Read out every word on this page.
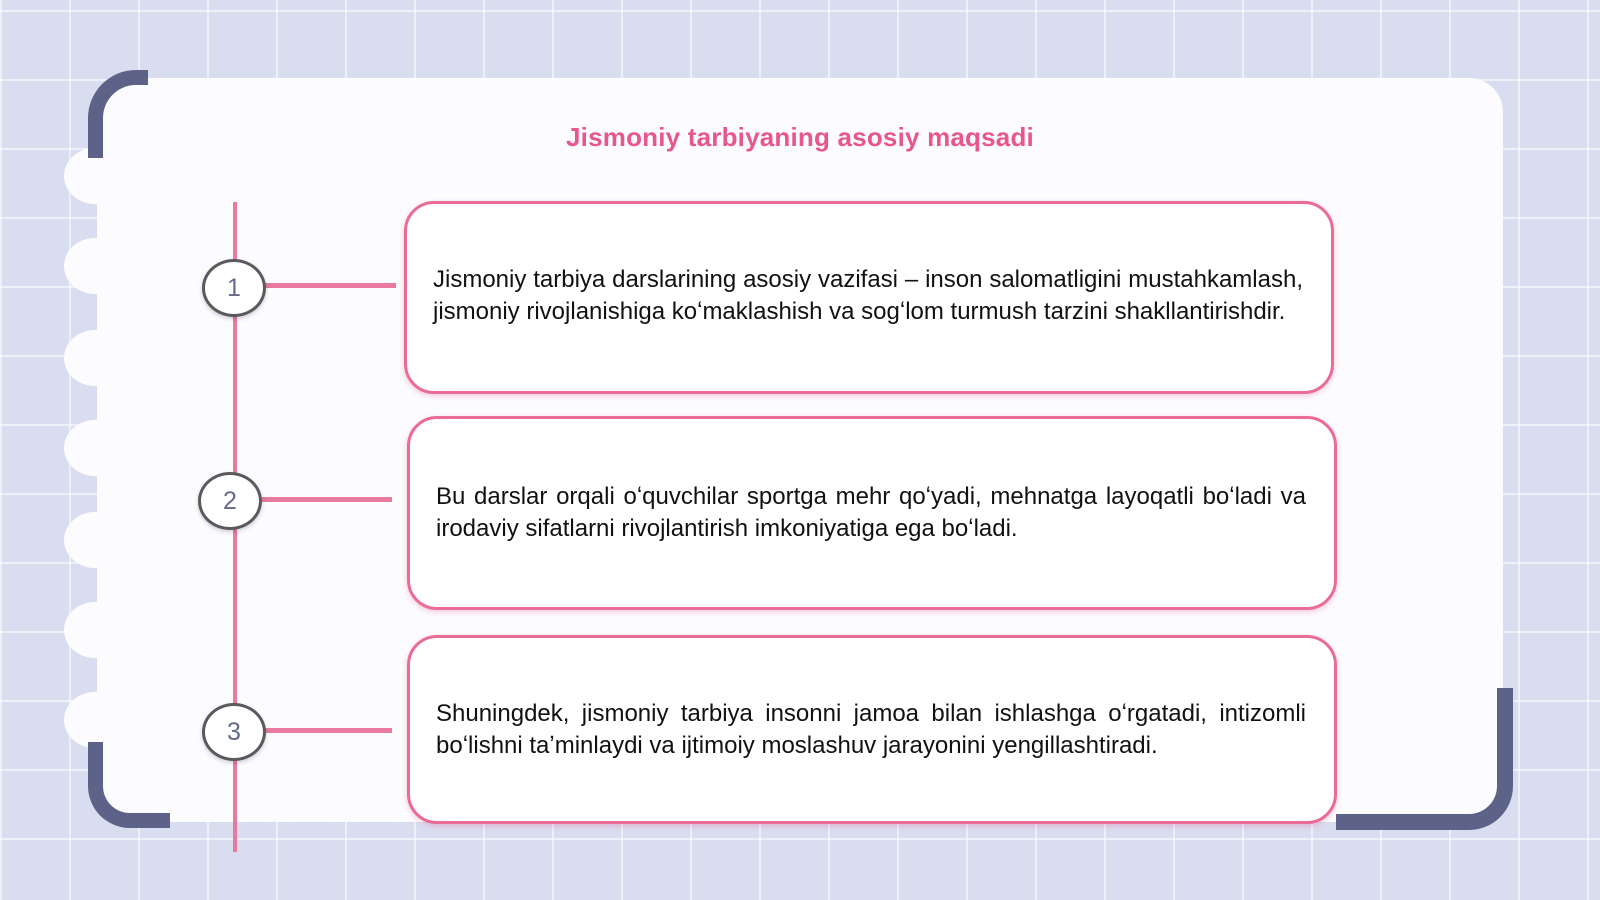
Jismoniy tarbiyaning asosiy maqsadi
1
2
3
Jismoniy tarbiya darslarining asosiy vazifasi – inson salomatligini mustahkamlash, jismoniy rivojlanishiga koʻmaklashish va sogʻlom turmush tarzini shakllantirishdir.
Bu darslar orqali oʻquvchilar sportga mehr qoʻyadi, mehnatga layoqatli boʻladi va irodaviy sifatlarni rivojlantirish imkoniyatiga ega boʻladi.
Shuningdek, jismoniy tarbiya insonni jamoa bilan ishlashga oʻrgatadi, intizomli boʻlishni taʼminlaydi va ijtimoiy moslashuv jarayonini yengillashtiradi.
